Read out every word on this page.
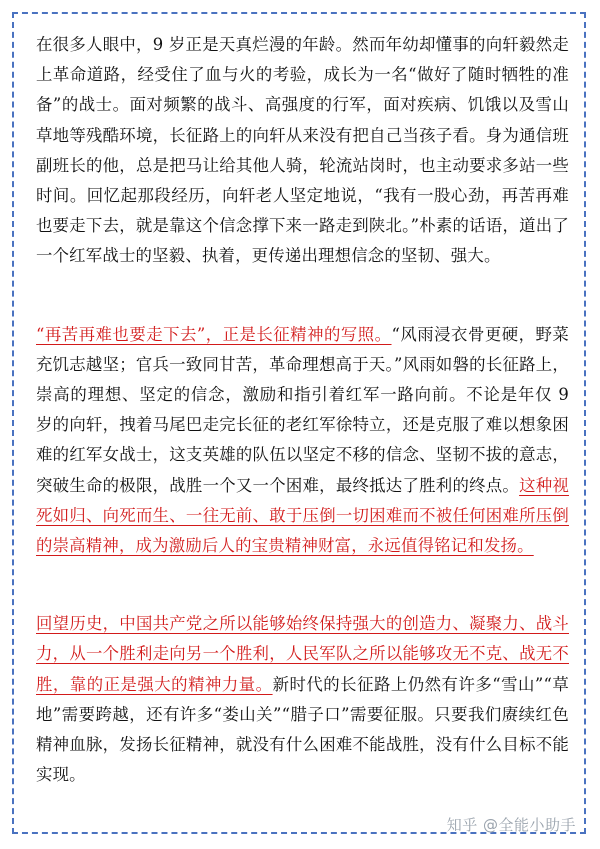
在很多人眼中，9 岁正是天真烂漫的年龄。然而年幼却懂事的向轩毅然走上革命道路，经受住了血与火的考验，成长为一名“做好了随时牺牲的准备”的战士。面对频繁的战斗、高强度的行军，面对疾病、饥饿以及雪山草地等残酷环境，长征路上的向轩从来没有把自己当孩子看。身为通信班副班长的他，总是把马让给其他人骑，轮流站岗时，也主动要求多站一些时间。回忆起那段经历，向轩老人坚定地说，“我有一股心劲，再苦再难也要走下去，就是靠这个信念撑下来一路走到陕北。”朴素的话语，道出了一个红军战士的坚毅、执着，更传递出理想信念的坚韧、强大。

“再苦再难也要走下去”，正是长征精神的写照。“风雨浸衣骨更硬，野菜充饥志越坚；官兵一致同甘苦，革命理想高于天。”风雨如磐的长征路上，崇高的理想、坚定的信念，激励和指引着红军一路向前。不论是年仅 9 岁的向轩，拽着马尾巴走完长征的老红军徐特立，还是克服了难以想象困难的红军女战士，这支英雄的队伍以坚定不移的信念、坚韧不拔的意志，突破生命的极限，战胜一个又一个困难，最终抵达了胜利的终点。这种视死如归、向死而生、一往无前、敢于压倒一切困难而不被任何困难所压倒的崇高精神，成为激励后人的宝贵精神财富，永远值得铭记和发扬。

回望历史，中国共产党之所以能够始终保持强大的创造力、凝聚力、战斗力，从一个胜利走向另一个胜利，人民军队之所以能够攻无不克、战无不胜，靠的正是强大的精神力量。新时代的长征路上仍然有许多“雪山”“草地”需要跨越，还有许多“娄山关”“腊子口”需要征服。只要我们赓续红色精神血脉，发扬长征精神，就没有什么困难不能战胜，没有什么目标不能实现。

知乎 @全能小助手
